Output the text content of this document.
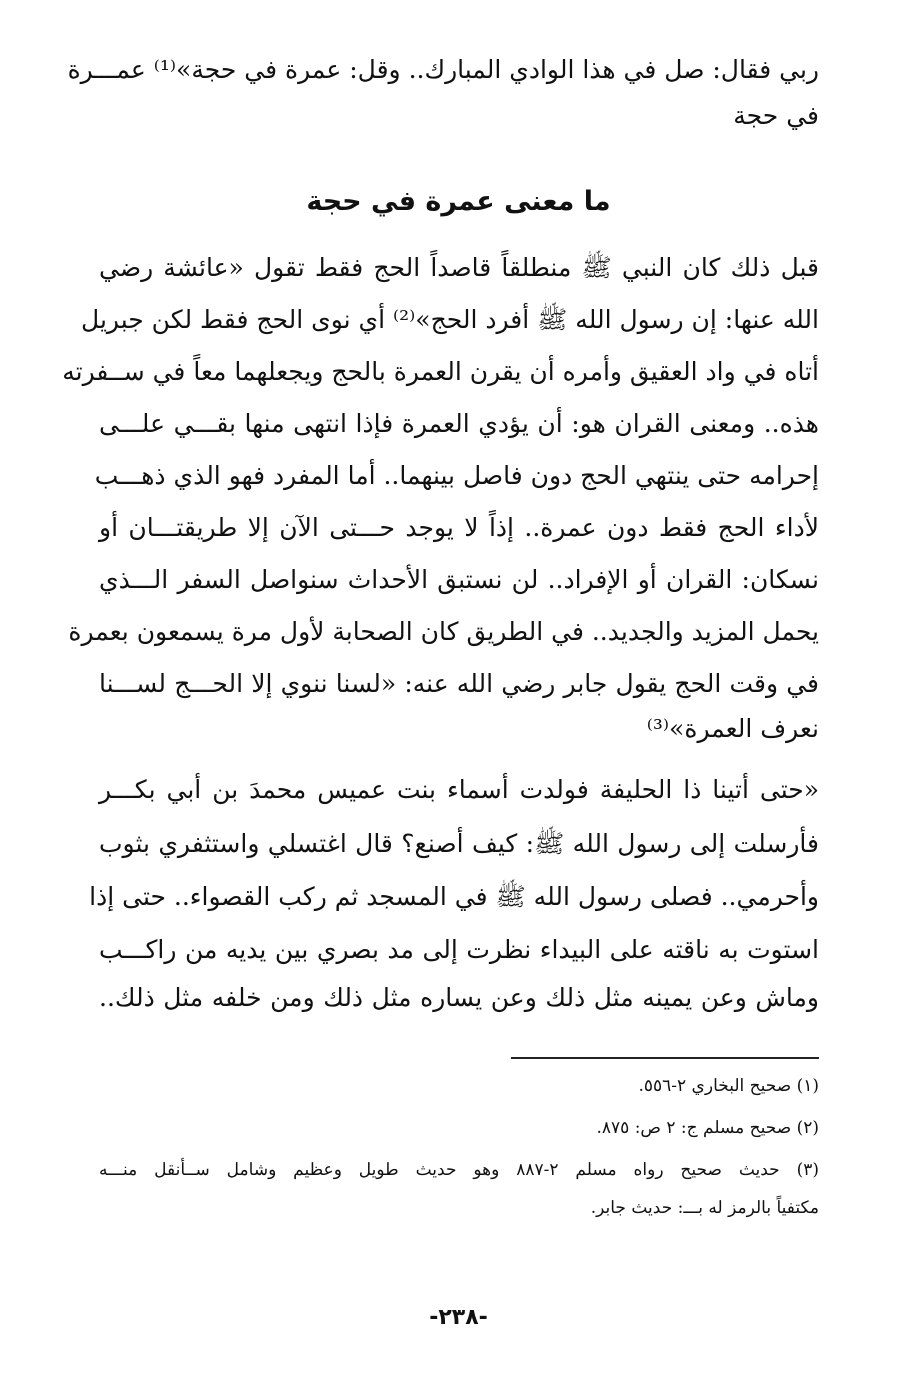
ربي فقال: صل في هذا الوادي المبارك.. وقل: عمرة في حجة»⁽¹⁾ عمـــرة
في حجة
ما معنى عمرة في حجة
قبل ذلك كان النبي ﷺ منطلقاً قاصداً الحج فقط تقول «عائشة رضي
الله عنها: إن رسول الله ﷺ أفرد الحج»⁽²⁾ أي نوى الحج فقط لكن جبريل
أتاه في واد العقيق وأمره أن يقرن العمرة بالحج ويجعلهما معاً في ســفرته
هذه.. ومعنى القران هو: أن يؤدي العمرة فإذا انتهى منها بقـــي علـــى
إحرامه حتى ينتهي الحج دون فاصل بينهما.. أما المفرد فهو الذي ذهـــب
لأداء الحج فقط دون عمرة.. إذاً لا يوجد حـــتى الآن إلا طريقتـــان أو
نسكان: القران أو الإفراد.. لن نستبق الأحداث سنواصل السفر الـــذي
يحمل المزيد والجديد.. في الطريق كان الصحابة لأول مرة يسمعون بعمرة
في وقت الحج يقول جابر رضي الله عنه: «لسنا ننوي إلا الحـــج لســـنا
نعرف العمرة»⁽³⁾
«حتى أتينا ذا الحليفة فولدت أسماء بنت عميس محمدَ بن أبي بكـــر
فأرسلت إلى رسول الله ﷺ: كيف أصنع؟ قال اغتسلي واستثفري بثوب
وأحرمي.. فصلى رسول الله ﷺ في المسجد ثم ركب القصواء.. حتى إذا
استوت به ناقته على البيداء نظرت إلى مد بصري بين يديه من راكـــب
وماش وعن يمينه مثل ذلك وعن يساره مثل ذلك ومن خلفه مثل ذلك..
(١) صحيح البخاري ٢-٥٥٦.
(٢) صحيح مسلم ج: ٢ ص: ٨٧٥.
(٣) حديث صحيح رواه مسلم ٢-٨٨٧ وهو حديث طويل وعظيم وشامل ســأنقل منـــه
مكتفياً بالرمز له بـــ: حديث جابر.
-٢٣٨-
